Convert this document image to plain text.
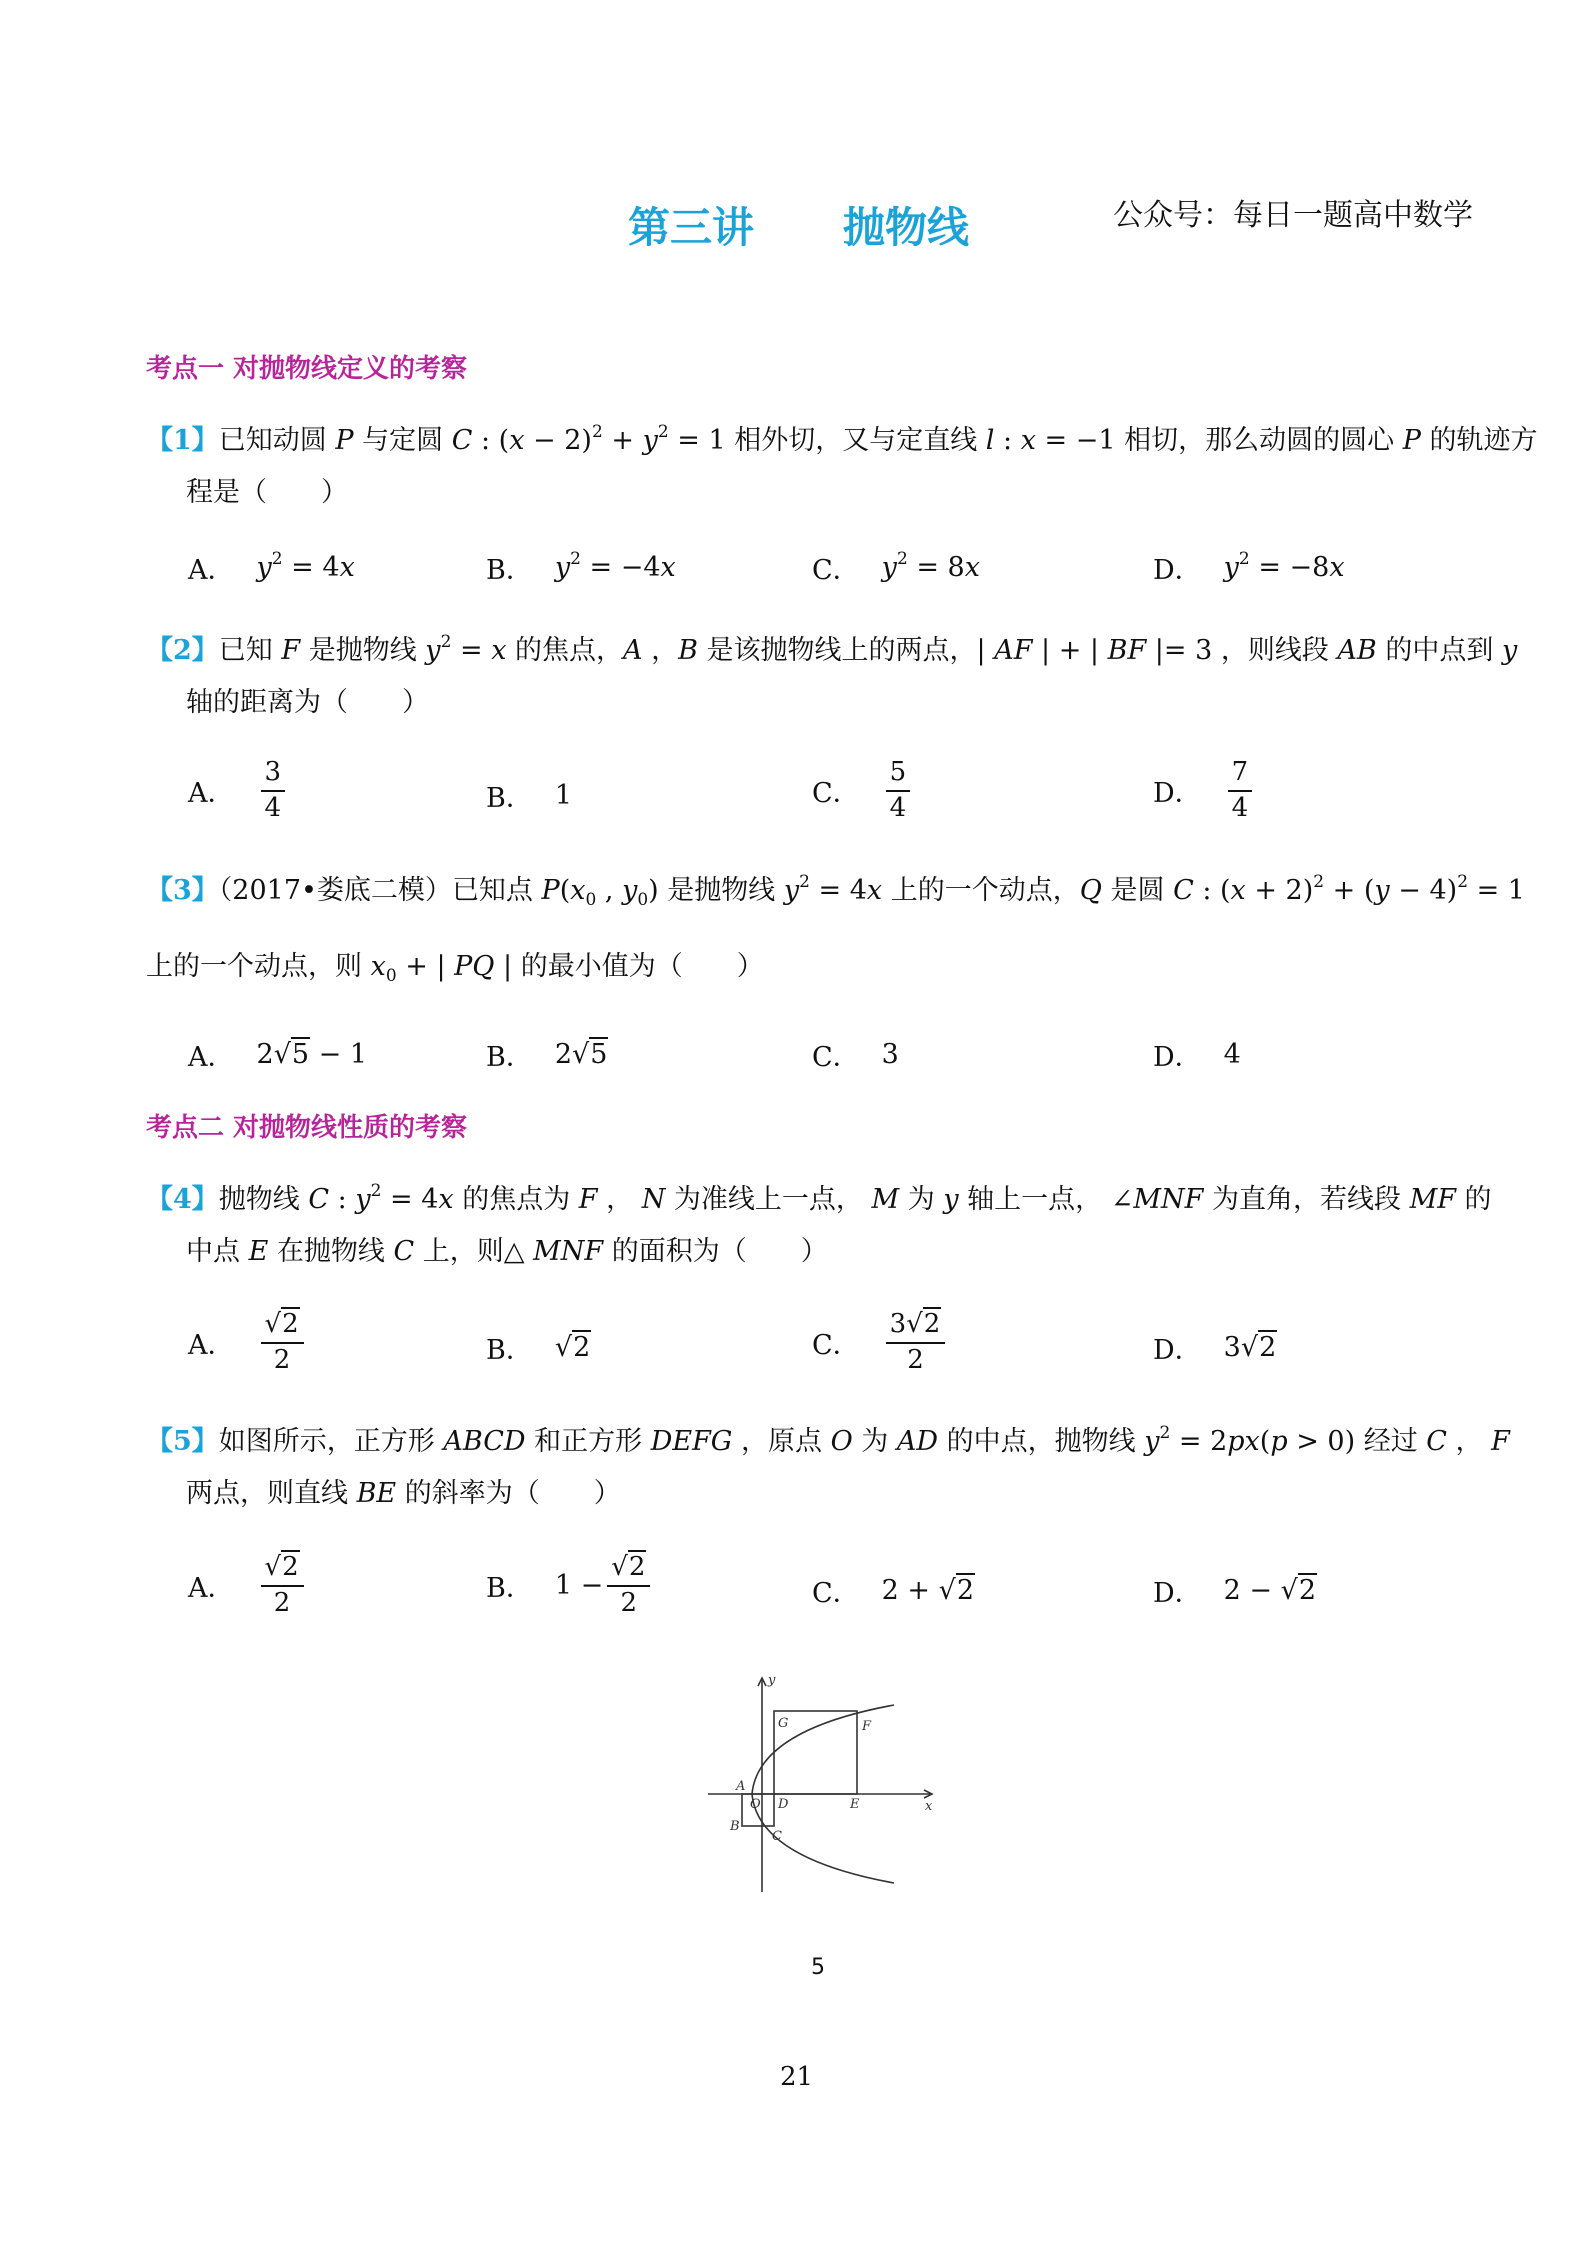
第三讲 抛物线	公众号：每日一题高中数学
考点一 对抛物线定义的考察
【1】已知动圆 P 与定圆 C : $(x - 2)^2 + y^2 = 1$ 相外切，又与定直线 l : x = −1 相切，那么动圆的圆心 P 的轨迹方
程是（　　）
A． $y^2 = 4x$	B． $y^2 = -4x$	C． $y^2 = 8x$	D． $y^2 = -8x$
【2】已知 F 是抛物线 $y^2 = x$ 的焦点，A ，B 是该抛物线上的两点，| AF | + | BF |= 3 ，则线段 AB 的中点到 y
轴的距离为（　　）
A． $\frac{3}{4}$	B． 1	C． $\frac{5}{4}$	D． $\frac{7}{4}$
【3】（2017•娄底二模）已知点 $P(x_0$ , $y_0$) 是抛物线 $y^2 = 4x$ 上的一个动点，Q 是圆 C : $(x + 2)^2 + (y - 4)^2 = 1$
上的一个动点，则 $x_0$ + | PQ | 的最小值为（　　）
A． 2√5 − 1	B． 2√5	C． 3	D． 4
考点二 对抛物线性质的考察
【4】抛物线 C : $y^2 = 4x$ 的焦点为 F ， N 为准线上一点， M 为 y 轴上一点， ∠MNF 为直角，若线段 MF 的
中点 E 在抛物线 C 上，则△ MNF 的面积为（　　）
A． $\frac{√2}{2}$	B． √2	C． $\frac{3√2}{2}$	D． 3√2
【5】如图所示，正方形 ABCD 和正方形 DEFG ，原点 O 为 AD 的中点，抛物线 $y^2 = 2px(p > 0)$ 经过 C ， F
两点，则直线 BE 的斜率为（　　）
A． $\frac{√2}{2}$	B． $1 - \frac{√2}{2}$	C． 2 + √2	D． 2 − √2
y
x
A
O D	E
B
C
G	F
5
21
